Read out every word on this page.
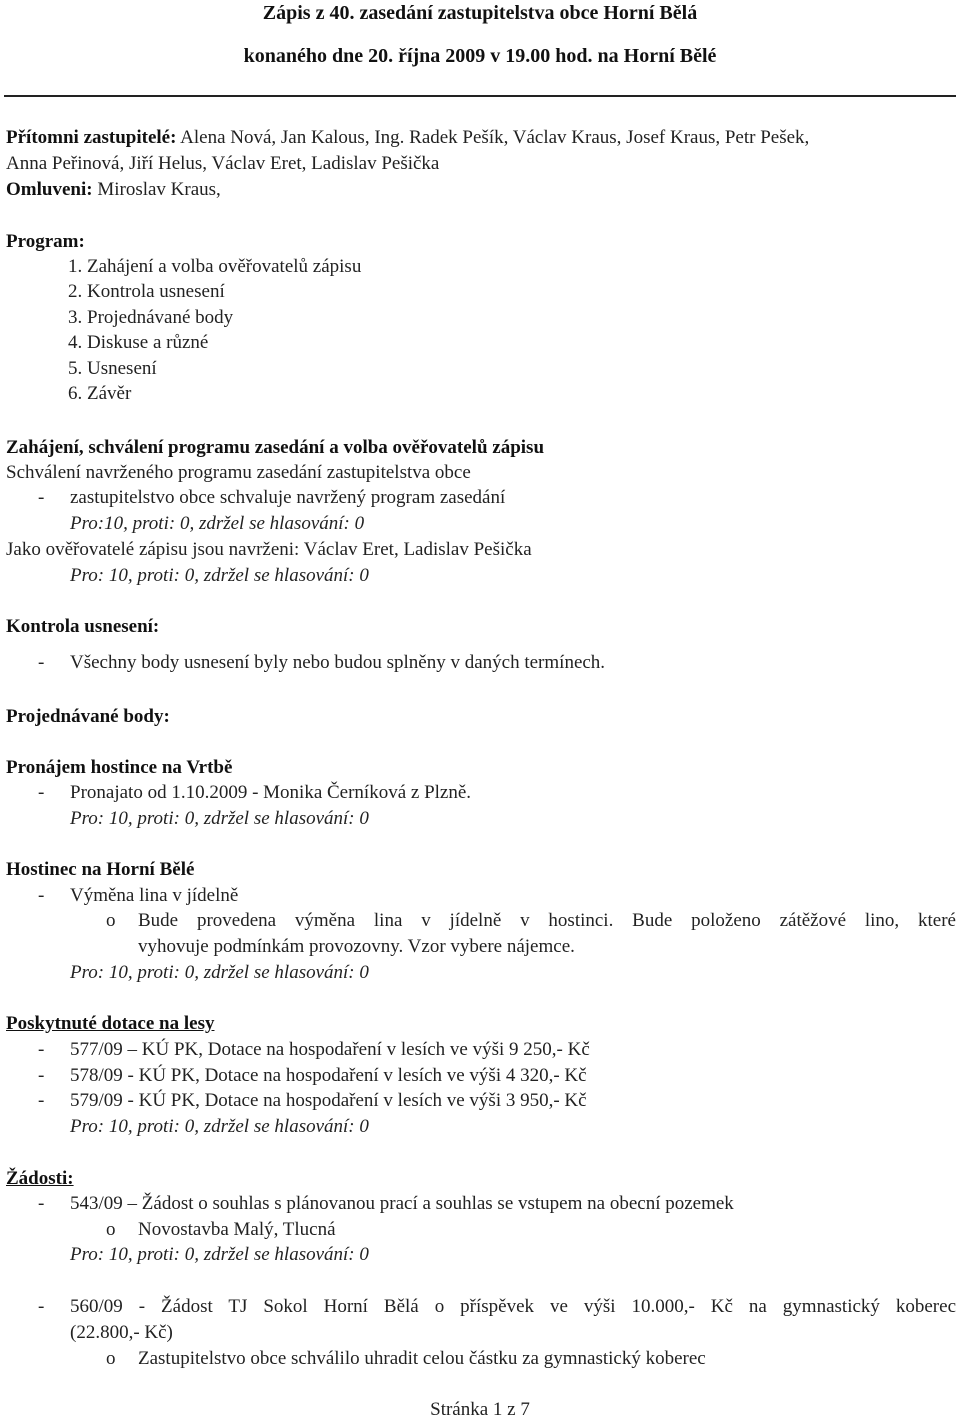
Zápis z 40. zasedání zastupitelstva obce Horní Bělá
konaného dne 20. října 2009 v 19.00 hod. na Horní Bělé
Přítomni zastupitelé: Alena Nová, Jan Kalous, Ing. Radek Pešík, Václav Kraus, Josef Kraus, Petr Pešek,
Anna Peřinová, Jiří Helus, Václav Eret, Ladislav Pešička
Omluveni: Miroslav Kraus,
Program:
1. Zahájení a volba ověřovatelů zápisu
2. Kontrola usnesení
3. Projednávané body
4. Diskuse a různé
5. Usnesení
6. Závěr
Zahájení, schválení programu zasedání a volba ověřovatelů zápisu
Schválení navrženého programu zasedání zastupitelstva obce
- zastupitelstvo obce schvaluje navržený program zasedání
Pro:10, proti: 0, zdržel se hlasování: 0
Jako ověřovatelé zápisu jsou navrženi: Václav Eret, Ladislav Pešička
Pro: 10, proti: 0, zdržel se hlasování: 0
Kontrola usnesení:
- Všechny body usnesení byly nebo budou splněny v daných termínech.
Projednávané body:
Pronájem hostince na Vrtbě
- Pronajato od 1.10.2009 - Monika Černíková z Plzně.
Pro: 10, proti: 0, zdržel se hlasování: 0
Hostinec na Horní Bělé
- Výměna lina v jídelně
o Bude provedena výměna lina v jídelně v hostinci. Bude položeno zátěžové lino, které
vyhovuje podmínkám provozovny. Vzor vybere nájemce.
Pro: 10, proti: 0, zdržel se hlasování: 0
Poskytnuté dotace na lesy
- 577/09 – KÚ PK, Dotace na hospodaření v lesích ve výši 9 250,- Kč
- 578/09 - KÚ PK, Dotace na hospodaření v lesích ve výši 4 320,- Kč
- 579/09 - KÚ PK, Dotace na hospodaření v lesích ve výši 3 950,- Kč
Pro: 10, proti: 0, zdržel se hlasování: 0
Žádosti:
- 543/09 – Žádost o souhlas s plánovanou prací a souhlas se vstupem na obecní pozemek
o Novostavba Malý, Tlucná
Pro: 10, proti: 0, zdržel se hlasování: 0
- 560/09 - Žádost TJ Sokol Horní Bělá o příspěvek ve výši 10.000,- Kč na gymnastický koberec
(22.800,- Kč)
o Zastupitelstvo obce schválilo uhradit celou částku za gymnastický koberec
Stránka 1 z 7
